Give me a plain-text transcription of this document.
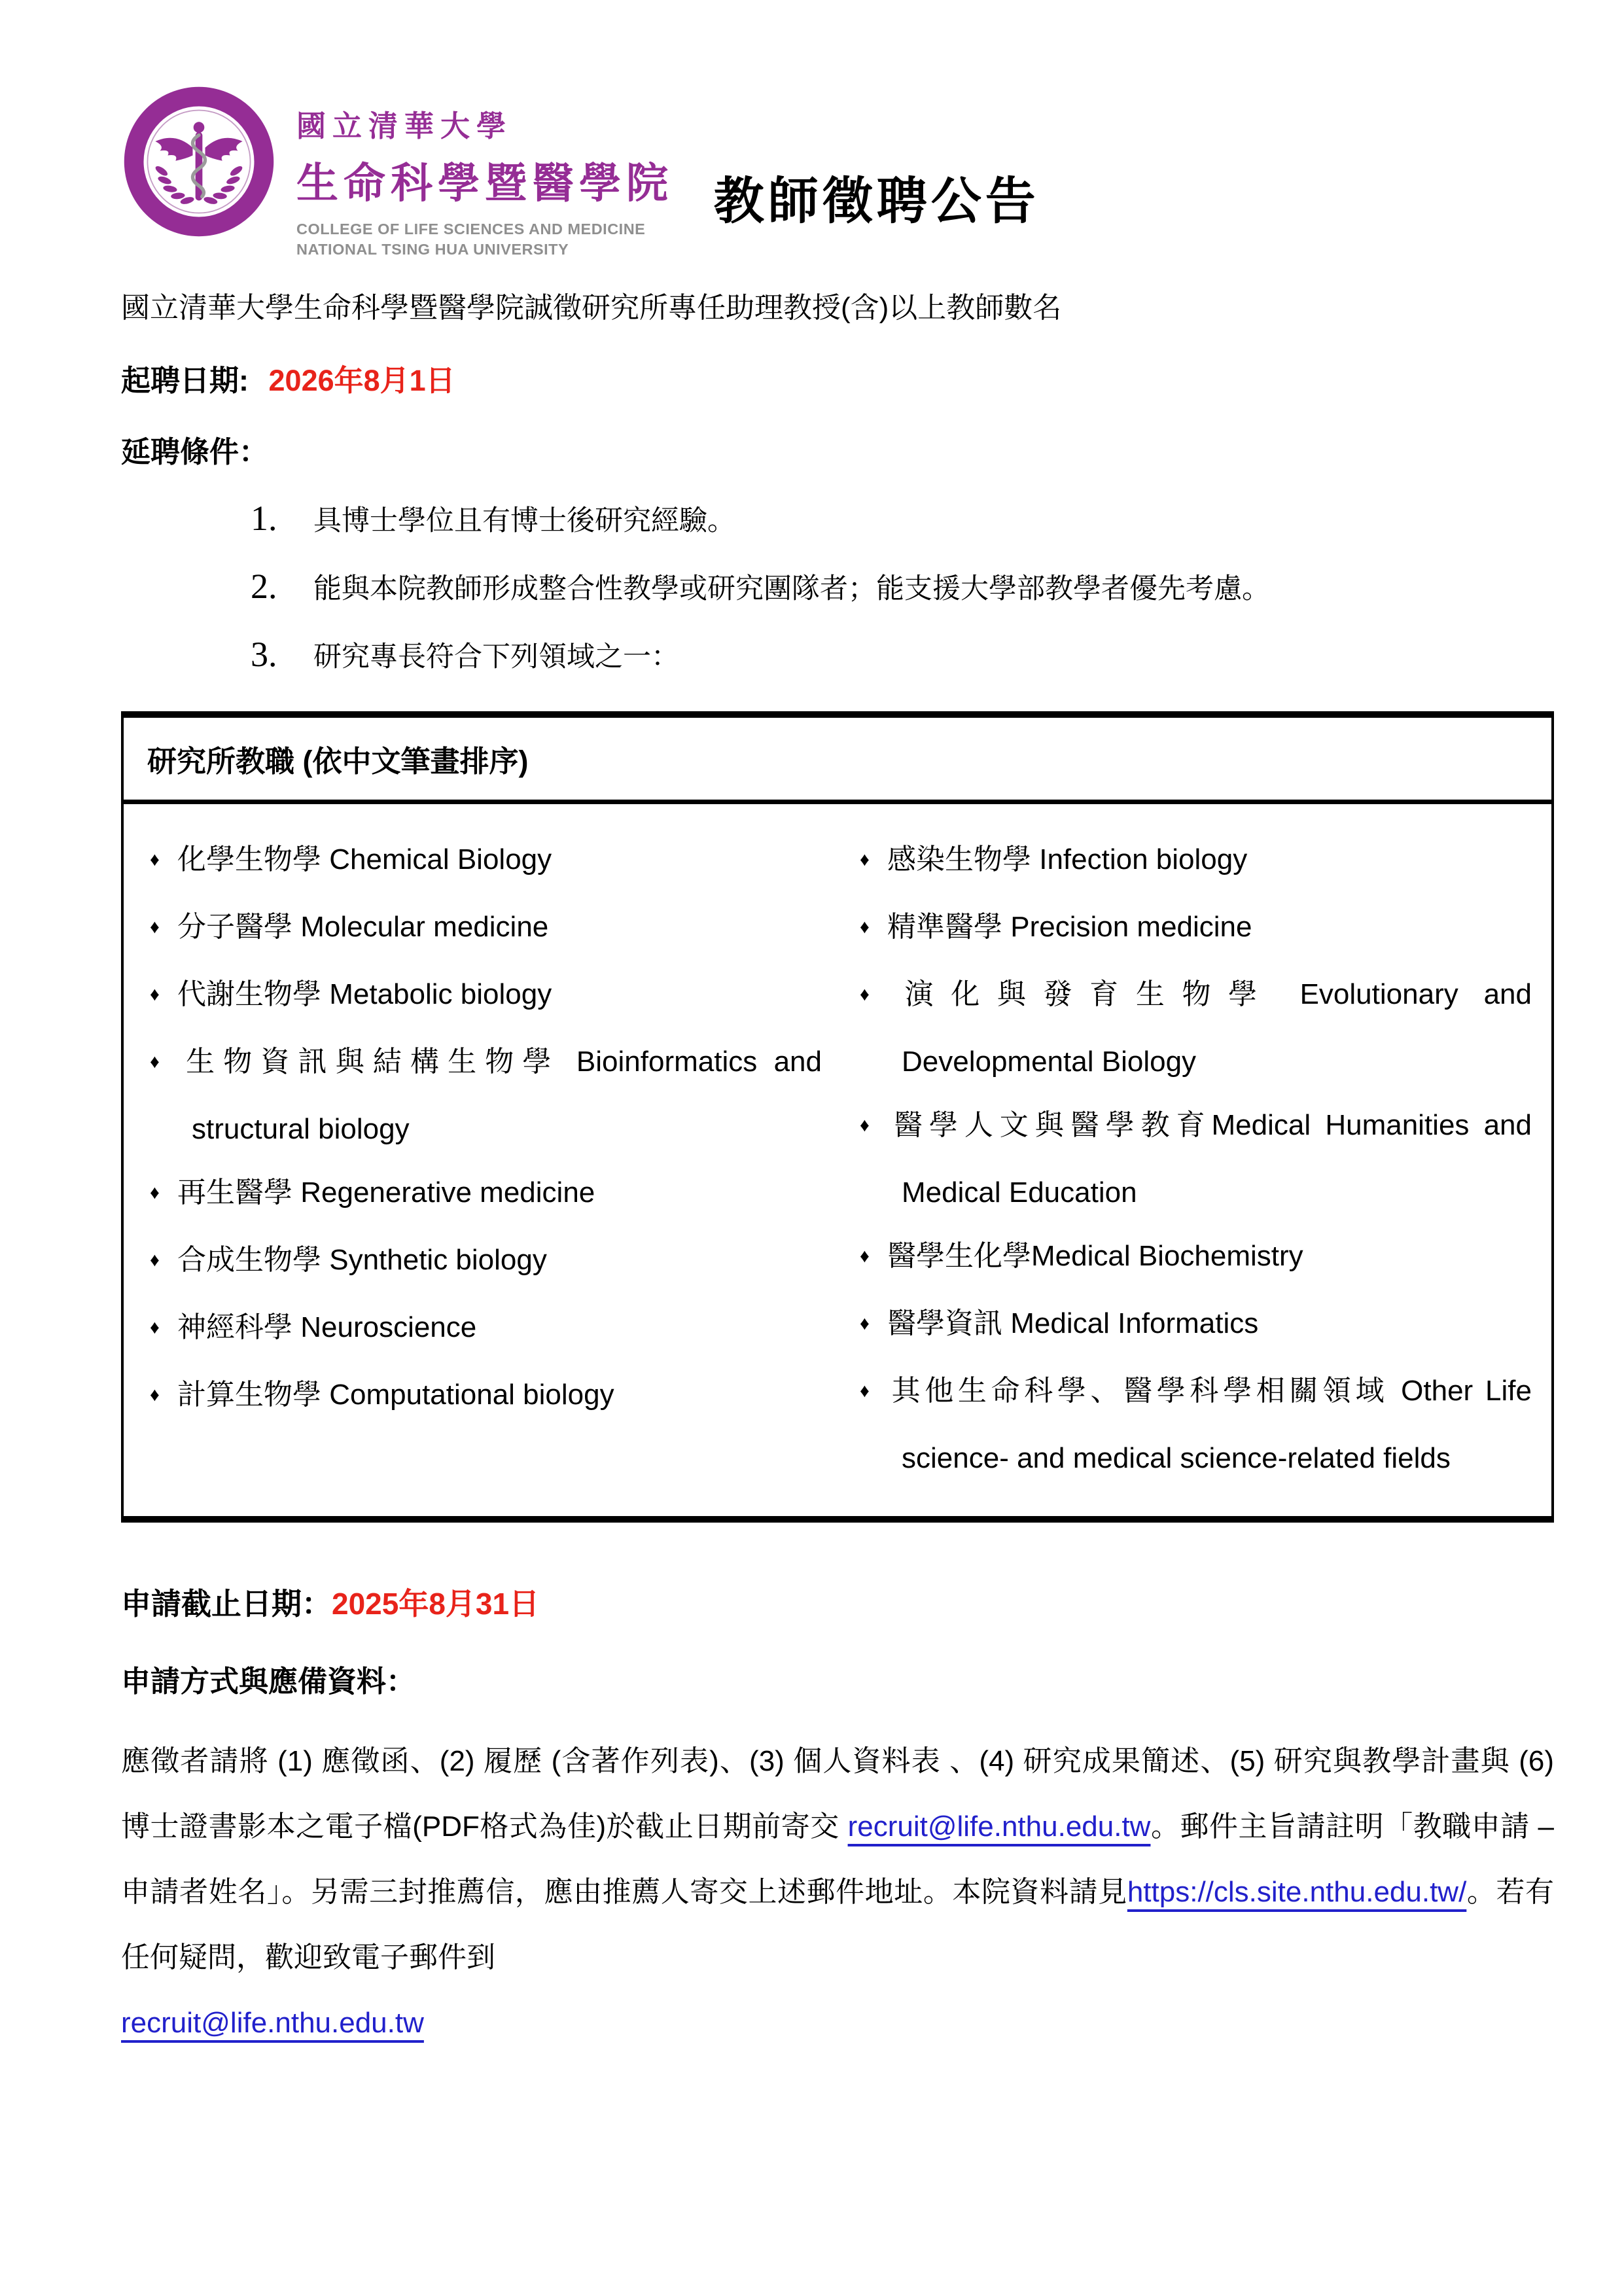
國立清華大學
生命科學暨醫學院
COLLEGE OF LIFE SCIENCES AND MEDICINE
NATIONAL TSING HUA UNIVERSITY
教師徵聘公告
國立清華大學生命科學暨醫學院誠徵研究所專任助理教授(含)以上教師數名
起聘日期: 2026年8月1日
延聘條件：
1.	具博士學位且有博士後研究經驗。
2.	能與本院教師形成整合性教學或研究團隊者；能支援大學部教學者優先考慮。
3.	研究專長符合下列領域之一：
研究所教職 (依中文筆畫排序)
♦ 化學生物學 Chemical Biology
♦ 分子醫學 Molecular medicine
♦ 代謝生物學 Metabolic biology
♦ 生物資訊與結構生物學 Bioinformatics and structural biology
♦ 再生醫學 Regenerative medicine
♦ 合成生物學 Synthetic biology
♦ 神經科學 Neuroscience
♦ 計算生物學 Computational biology
♦ 感染生物學 Infection biology
♦ 精準醫學 Precision medicine
♦ 演化與發育生物學 Evolutionary and Developmental Biology
♦ 醫學人文與醫學教育Medical Humanities and Medical Education
♦ 醫學生化學Medical Biochemistry
♦ 醫學資訊 Medical Informatics
♦ 其他生命科學、醫學科學相關領域 Other Life science- and medical science-related fields
申請截止日期：2025年8月31日
申請方式與應備資料：
應徵者請將 (1) 應徵函、(2) 履歷 (含著作列表)、(3) 個人資料表 、(4) 研究成果簡述、(5) 研究與教學計畫與 (6) 博士證書影本之電子檔(PDF格式為佳)於截止日期前寄交 recruit@life.nthu.edu.tw。郵件主旨請註明「教職申請 –申請者姓名」。另需三封推薦信，應由推薦人寄交上述郵件地址。本院資料請見https://cls.site.nthu.edu.tw/。若有任何疑問，歡迎致電子郵件到
recruit@life.nthu.edu.tw
